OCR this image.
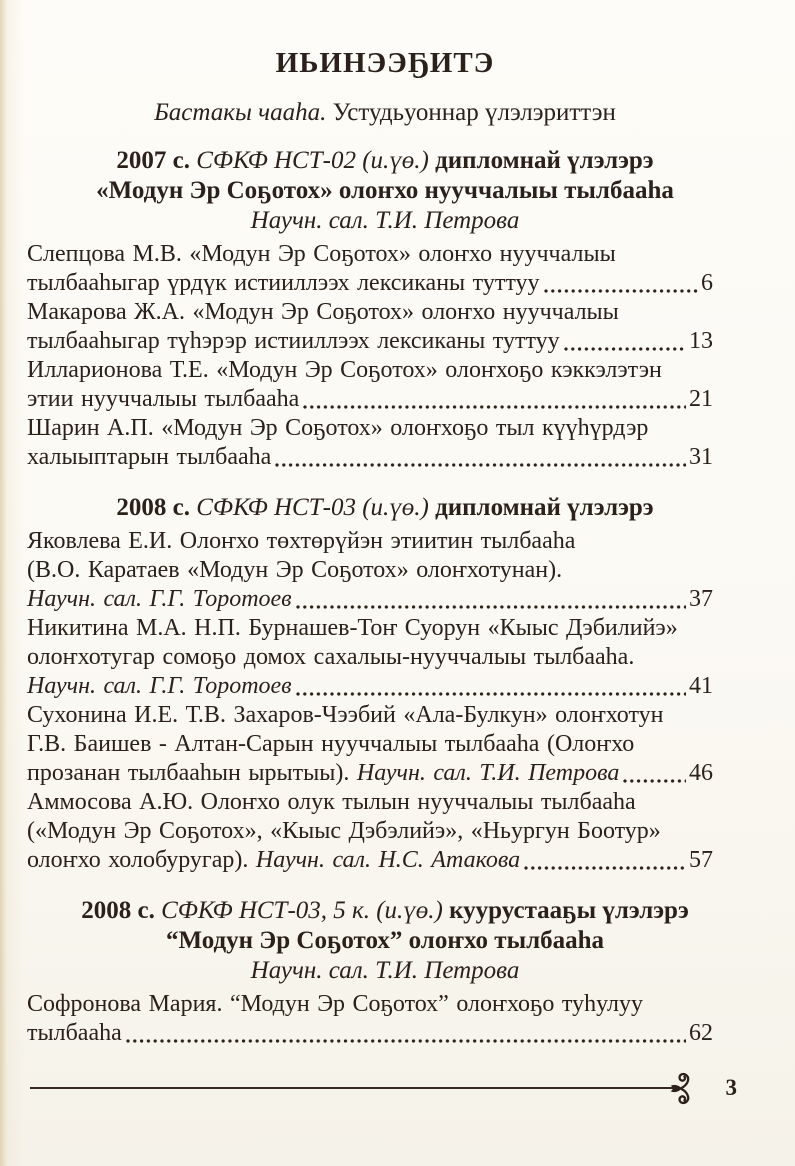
ИЬИНЭЭҔИТЭ

Бастакы чааһа. Устудьуоннар үлэлэриттэн

2007 с. СФКФ НСТ-02 (и.үө.) дипломнай үлэлэрэ
«Модун Эр Соҕотох» олоҥхо нууччалыы тылбааһа
Научн. сал. Т.И. Петрова
Слепцова М.В. «Модун Эр Соҕотох» олоҥхо нууччалыы
тылбааһыгар үрдүк истииллээх лексиканы туттуу	6
Макарова Ж.А. «Модун Эр Соҕотох» олоҥхо нууччалыы
тылбааһыгар түһэрэр истииллээх лексиканы туттуу	13
Илларионова Т.Е. «Модун Эр Соҕотох» олоҥхоҕо кэккэлэтэн
этии нууччалыы тылбааһа	21
Шарин А.П. «Модун Эр Соҕотох» олоҥхоҕо тыл күүһүрдэр
халыыптарын тылбааһа	31
2008 с. СФКФ НСТ-03 (и.үө.) дипломнай үлэлэрэ
Яковлева Е.И. Олоҥхо төхтөрүйэн этиитин тылбааһа
(В.О. Каратаев «Модун Эр Соҕотох» олоҥхотунан).
Научн. сал. Г.Г. Торотоев	37
Никитина М.А. Н.П. Бурнашев-Тоҥ Суорун «Кыыс Дэбилийэ»
олоҥхотугар сомоҕо домох сахалыы-нууччалыы тылбааһа.
Научн. сал. Г.Г. Торотоев	41
Сухонина И.Е. Т.В. Захаров-Чээбий «Ала-Булкун» олоҥхотун
Г.В. Баишев - Алтан-Сарын нууччалыы тылбааһа (Олоҥхо
прозанан тылбааһын ырытыы). Научн. сал. Т.И. Петрова	46
Аммосова А.Ю. Олоҥхо олук тылын нууччалыы тылбааһа
(«Модун Эр Соҕотох», «Кыыс Дэбэлийэ», «Ньургун Боотур»
олоҥхо холобуругар). Научн. сал. Н.С. Атакова	57
2008 с. СФКФ НСТ-03, 5 к. (и.үө.) куурустааҕы үлэлэрэ
“Модун Эр Соҕотох” олоҥхо тылбааһа
Научн. сал. Т.И. Петрова
Софронова Мария. “Модун Эр Соҕотох” олоҥхоҕо туһулуу
тылбааһа	62
3
